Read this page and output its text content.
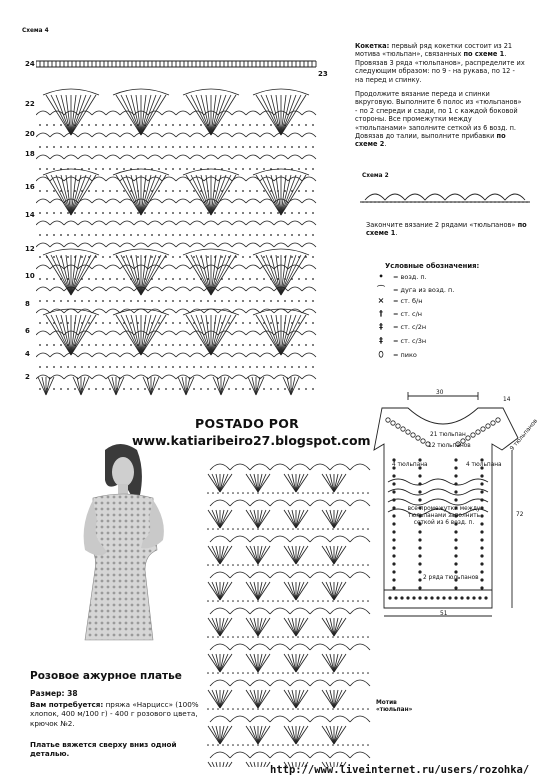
Схема 4
24
22
20
18
16
14
12
10
8
6
4
2
23
Кокетка: первый ряд кокетки состоит из 21 мотива «тюльпан», связанных по схеме 1.
Провязав 3 ряда «тюльпанов», распределите их следующим образом: по 9 - на рукава, по 12 - на перед и спинку.
Продолжите вязание переда и спинки вкруговую. Выполните 6 полос из «тюльпанов» - по 2 спереди и сзади, по 1 с каждой боковой стороны. Все промежутки между «тюльпанами» заполните сеткой из 6 возд. п. Довязав до талии, выполните прибавки по схеме 2.
Схема 2
Закончите вязание 2 рядами «тюльпанов» по схеме 1.
Условные обозначения:
•	= возд. п.
⌒	= дуга из возд. п.
×	= ст. б/н
†	= ст. с/н
‡	= ст. с/2н
‡	= ст. с/3н
⬯	= пико
POSTADO POR
www.katiaribeiro27.blogspot.com
Розовое ажурное платье
Размер: 38
Вам потребуется: пряжа «Нарцисс» (100% хлопок, 400 м/100 г) - 400 г розового цвета, крючок №2.
Платье вяжется сверху вниз одной деталью.
Мотив «тюльпан»
30
14
72
51
21 тюльпан
12 тюльпанов	9 тюльпанов
4 тюльпана	4 тюльпана
все промежутки между тюльпанами заполнить сеткой из 6 возд. п.
2 ряда тюльпанов
http://www.liveinternet.ru/users/rozohka/
